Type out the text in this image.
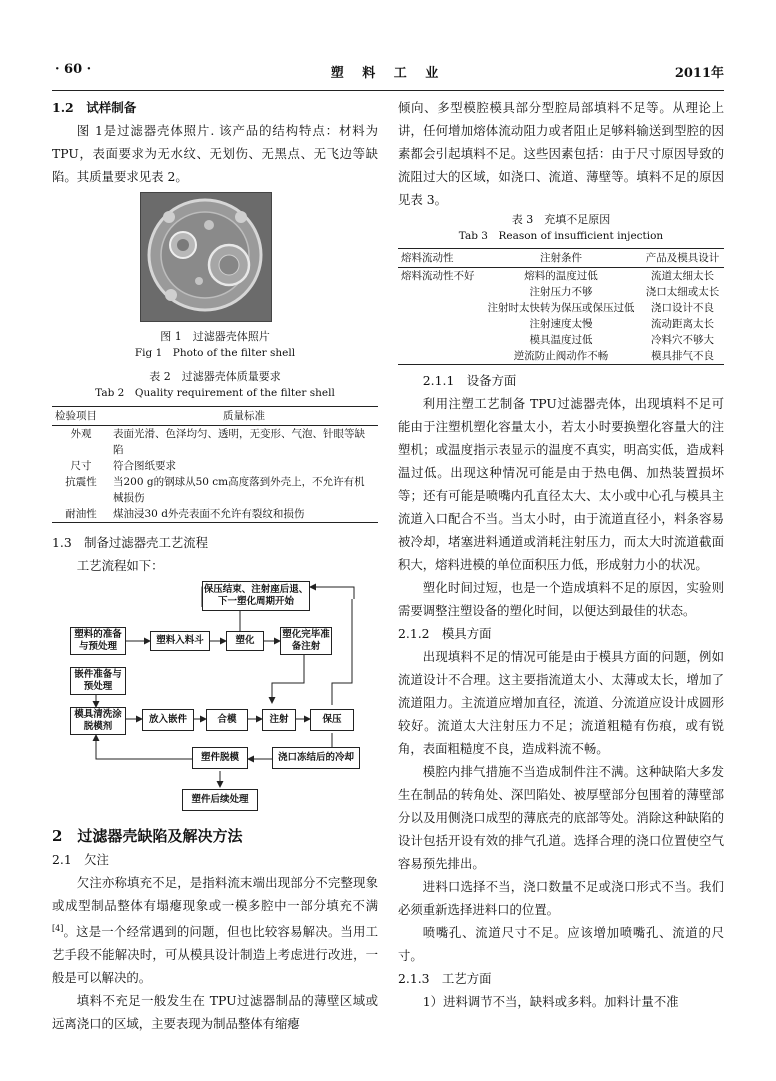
· 60 ·	塑 料 工 业	2011年

1.2　试样制备

图 1是过滤器壳体照片. 该产品的结构特点：材料为 TPU，表面要求为无水纹、无划伤、无黑点、无飞边等缺陷。其质量要求见表 2。

图 1　过滤器壳体照片

Fig 1　Photo of the filter shell

表 2　过滤器壳体质量要求

Tab 2　Quality requirement of the filter shell

检验项目	质量标准
外观	表面光滑、色泽均匀、透明，无变形、气泡、针眼等缺陷
尺寸	符合图纸要求
抗震性	当200 g的钢球从50 cm高度落到外壳上，不允许有机械损伤
耐油性	煤油浸30 d外壳表面不允许有裂纹和损伤

1.3　制备过滤器壳工艺流程

工艺流程如下：

保压结束、注射座后退、下一塑化周期开始
塑料的准备与预处理
塑料入料斗	塑化
塑化完毕准备注射
嵌件准备与预处理
模具清洗涂脱模剂
放入嵌件	合模	注射	保压
塑件脱模	浇口冻结后的冷却
塑件后续处理

2　过滤器壳缺陷及解决方法

2.1　欠注

欠注亦称填充不足，是指料流末端出现部分不完整现象或成型制品整体有塌瘪现象或一模多腔中一部分填充不满[4]。这是一个经常遇到的问题，但也比较容易解决。当用工艺手段不能解决时，可从模具设计制造上考虑进行改进，一般是可以解决的。

填料不充足一般发生在 TPU过滤器制品的薄壁区域或远离浇口的区域，主要表现为制品整体有缩瘪

倾向、多型模腔模具部分型腔局部填料不足等。从理论上讲，任何增加熔体流动阻力或者阻止足够料输送到型腔的因素都会引起填料不足。这些因素包括：由于尺寸原因导致的流阻过大的区域，如浇口、流道、薄壁等。填料不足的原因见表 3。

表 3　充填不足原因

Tab 3　Reason of insufficient injection

熔料流动性	注射条件	产品及模具设计
熔料流动性不好	熔料的温度过低	流道太细太长
	注射压力不够	浇口太细或太长
	注射时太快转为保压或保压过低	浇口设计不良
	注射速度太慢	流动距离太长
	模具温度过低	冷料穴不够大
	逆流防止阀动作不畅	模具排气不良

2.1.1　设备方面

利用注塑工艺制备 TPU过滤器壳体，出现填料不足可能由于注塑机塑化容量太小，若太小时要换塑化容量大的注塑机；或温度指示表显示的温度不真实，明高实低，造成料温过低。出现这种情况可能是由于热电偶、加热装置损坏等；还有可能是喷嘴内孔直径太大、太小或中心孔与模具主流道入口配合不当。当太小时，由于流道直径小，料条容易被冷却，堵塞进料通道或消耗注射压力，而太大时流道截面积大，熔料进模的单位面积压力低，形成射力小的状况。

塑化时间过短，也是一个造成填料不足的原因，实验则需要调整注塑设备的塑化时间，以便达到最佳的状态。

2.1.2　模具方面

出现填料不足的情况可能是由于模具方面的问题，例如流道设计不合理。这主要指流道太小、太薄或太长，增加了流道阻力。主流道应增加直径，流道、分流道应设计成圆形较好。流道太大注射压力不足；流道粗糙有伤痕，或有锐角，表面粗糙度不良，造成料流不畅。

模腔内排气措施不当造成制件注不满。这种缺陷大多发生在制品的转角处、深凹陷处、被厚壁部分包围着的薄壁部分以及用侧浇口成型的薄底壳的底部等处。消除这种缺陷的设计包括开设有效的排气孔道。选择合理的浇口位置使空气容易预先排出。

进料口选择不当，浇口数量不足或浇口形式不当。我们必须重新选择进料口的位置。

喷嘴孔、流道尺寸不足。应该增加喷嘴孔、流道的尺寸。

2.1.3　工艺方面

1）进料调节不当，缺料或多料。加料计量不准
